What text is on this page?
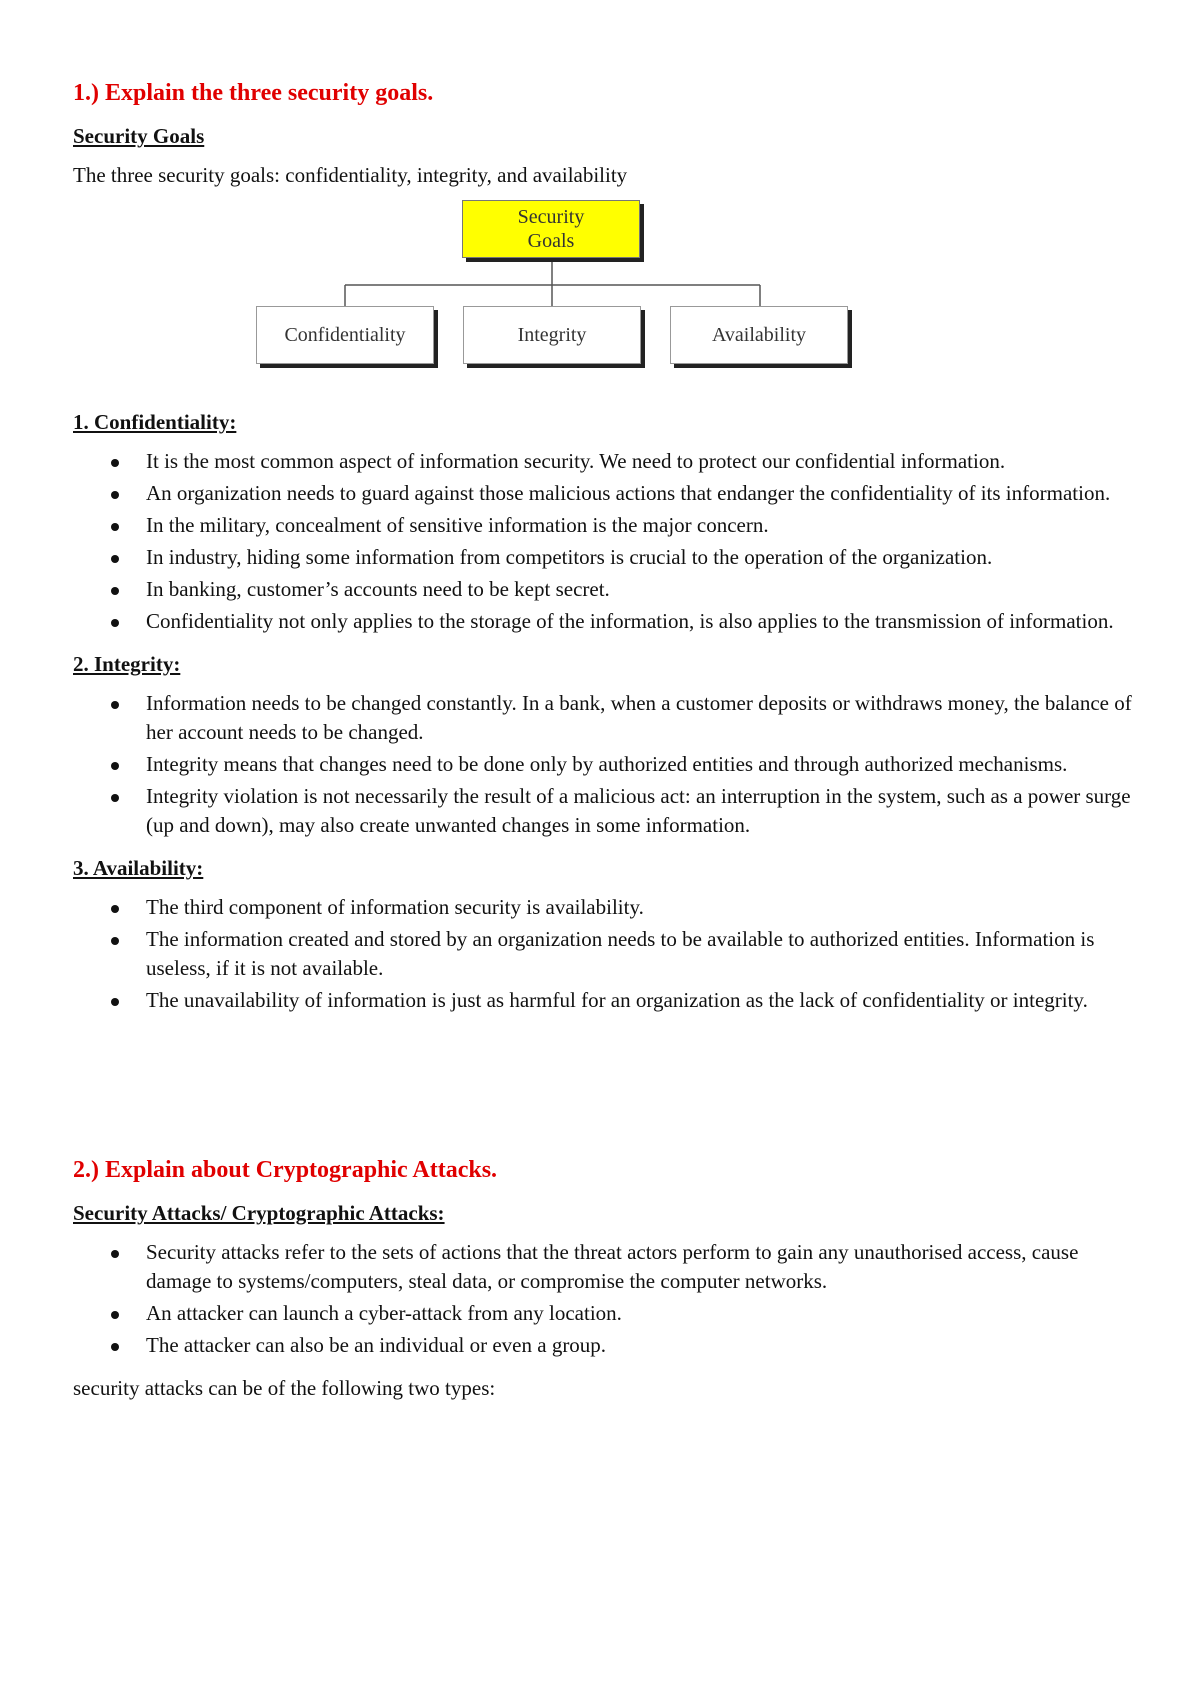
1.) Explain the three security goals.
Security Goals
The three security goals: confidentiality, integrity, and availability
Security Goals
Confidentiality	Integrity	Availability
1. Confidentiality:
It is the most common aspect of information security. We need to protect our confidential information.
An organization needs to guard against those malicious actions that endanger the confidentiality of its information.
In the military, concealment of sensitive information is the major concern.
In industry, hiding some information from competitors is crucial to the operation of the organization.
In banking, customer’s accounts need to be kept secret.
Confidentiality not only applies to the storage of the information, is also applies to the transmission of information.
2. Integrity:
Information needs to be changed constantly. In a bank, when a customer deposits or withdraws money, the balance of her account needs to be changed.
Integrity means that changes need to be done only by authorized entities and through authorized mechanisms.
Integrity violation is not necessarily the result of a malicious act: an interruption in the system, such as a power surge (up and down), may also create unwanted changes in some information.
3. Availability:
The third component of information security is availability.
The information created and stored by an organization needs to be available to authorized entities. Information is useless, if it is not available.
The unavailability of information is just as harmful for an organization as the lack of confidentiality or integrity.
2.) Explain about Cryptographic Attacks.
Security Attacks/ Cryptographic Attacks:
Security attacks refer to the sets of actions that the threat actors perform to gain any unauthorised access, cause damage to systems/computers, steal data, or compromise the computer networks.
An attacker can launch a cyber-attack from any location.
The attacker can also be an individual or even a group.
security attacks can be of the following two types:
